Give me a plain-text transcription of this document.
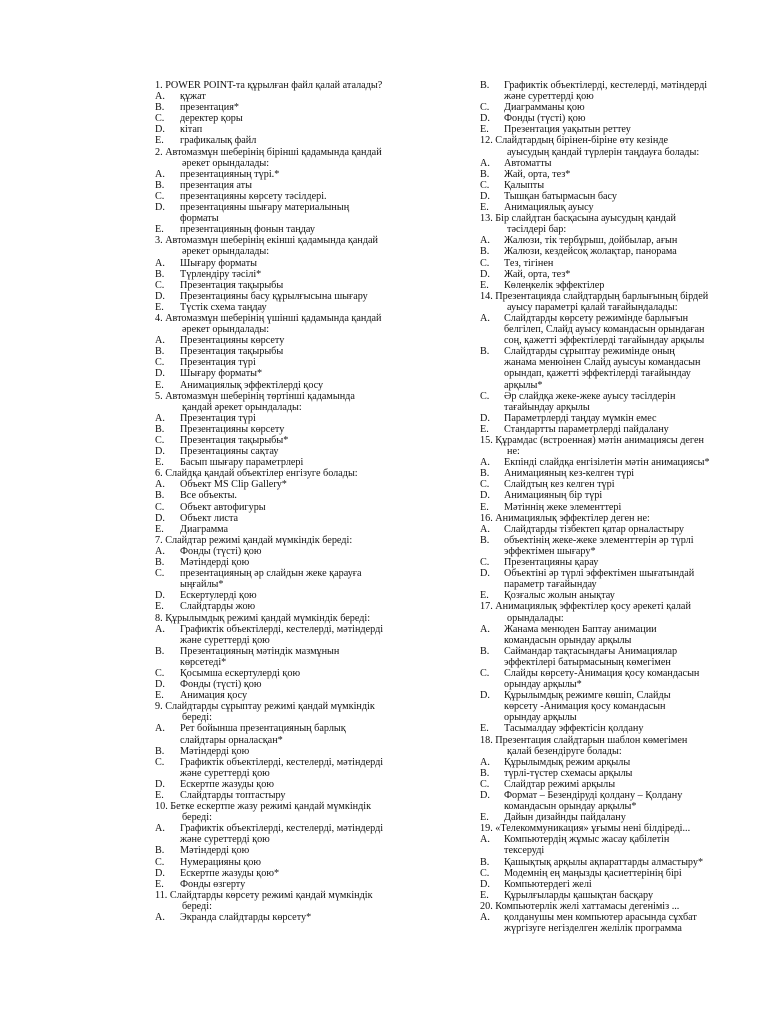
1. POWER POINT-та құрылған файл қалай аталады?
A.	құжат
B.	презентация*
C.	деректер қоры
D.	кітап
E.	графикалық файл
2. Автомазмұн шеберінің бірінші қадамында қандай
әрекет орындалады:
A.	презентацияның түрі.*
B.	презентация аты
C.	презентацияны көрсету тәсілдері.
D.	презентацияны шығару материалының
форматы
E.	презентацияның фонын таңдау
3. Автомазмұн шеберінің екінші қадамында қандай
әрекет орындалады:
A.	Шығару форматы
B.	Түрлендіру тәсілі*
C.	Презентация тақырыбы
D.	Презентацияны басу құрылғысына шығару
E.	Түстік схема таңдау
4. Автомазмұн шеберінің үшінші қадамында қандай
әрекет орындалады:
A.	Презентацияны көрсету
B.	Презентация тақырыбы
C.	Презентация түрі
D.	Шығару форматы*
E.	Анимациялық эффектілерді қосу
5. Автомазмұн шеберінің төртінші қадамында
қандай әрекет орындалады:
A.	Презентация түрі
B.	Презентацияны көрсету
C.	Презентация тақырыбы*
D.	Презентацияны сақтау
E.	Басып шығару параметрлері
6. Слайдқа қандай объектілер енгізуге болады:
A.	Объект MS Clip Gallery*
B.	Все объекты.
C.	Объект автофигуры
D.	Объект листа
E.	Диаграмма
7. Слайдтар режимі қандай мүмкіндік береді:
A.	Фонды (түсті) қою
B.	Мәтіндерді қою
C.	презентацияның әр слайдын жеке қарауға
ыңғайлы*
D.	Ескертулерді қою
E.	Слайдтарды жою
8. Құрылымдық режимі қандай мүмкіндік береді:
A.	Графиктік объектілерді, кестелерді, мәтіндерді
және суреттерді қою
B.	Презентацияның мәтіндік мазмұнын
көрсетеді*
C.	Қосымша ескертулерді қою
D.	Фонды (түсті) қою
E.	Анимация қосу
9. Слайдтарды сұрыптау режимі қандай мүмкіндік
береді:
A.	Рет бойынша презентацияның барлық
слайдтары орналасқан*
B.	Мәтіндерді қою
C.	Графиктік объектілерді, кестелерді, мәтіндерді
және суреттерді қою
D.	Ескертпе жазуды қою
E.	Слайдтарды топтастыру
10. Бетке ескертпе жазу режимі қандай мүмкіндік
береді:
A.	Графиктік объектілерді, кестелерді, мәтіндерді
және суреттерді қою
B.	Мәтіндерді қою
C.	Нумерацияны қою
D.	Ескертпе жазуды қою*
E.	Фонды өзгерту
11. Слайдтарды көрсету режимі қандай мүмкіндік
береді:
A.	Экранда слайдтарды көрсету*
B.	Графиктік объектілерді, кестелерді, мәтіндерді
және суреттерді қою
C.	Диаграмманы қою
D.	Фонды (түсті) қою
E.	Презентация уақытын реттеу
12. Слайдтардың бірінен-біріне өту кезінде
ауысудың қандай түрлерін таңдауға болады:
A.	Автоматты
B.	Жай, орта, тез*
C.	Қалыпты
D.	Тышқан батырмасын басу
E.	Анимациялық ауысу
13. Бір слайдтан басқасына ауысудың қандай
тәсілдері бар:
A.	Жалюзи, тік тербұрыш, дойбылар, ағын
B.	Жалюзи, кездейсоқ жолақтар, панорама
C.	Тез, тігінен
D.	Жай, орта, тез*
E.	Көлеңкелік эффектілер
14. Презентацияда слайдтардың барлығының бірдей
ауысу параметрі қалай тағайындалады:
A.	Слайдтарды көрсету режимінде барлығын
белгілеп, Слайд ауысу командасын орындаған
соң, қажетті эффектілерді тағайындау арқылы
B.	Слайдтарды сұрыптау режимінде оның
жанама менюінен Слайд ауысуы командасын
орындап, қажетті эффектілерді тағайындау
арқылы*
C.	Әр слайдқа жеке-жеке ауысу тәсілдерін
тағайындау арқылы
D.	Параметрлерді таңдау мүмкін емес
E.	Стандартты параметрлерді пайдалану
15. Құрамдас (встроенная) мәтін анимациясы деген
не:
A.	Екпінді слайдқа енгізілетін мәтін анимациясы*
B.	Анимацияның кез-келген түрі
C.	Слайдтың кез келген түрі
D.	Анимацияның бір түрі
E.	Мәтіннің жеке элементтері
16. Анимациялық эффектілер деген не:
A.	Слайдтарды тізбектеп қатар орналастыру
B.	объектінің жеке-жеке элементтерін әр түрлі
эффектімен шығару*
C.	Презентацияны қарау
D.	Объектіні әр түрлі эффектімен шығатындай
параметр тағайындау
E.	Қозғалыс жолын анықтау
17. Анимациялық эффектілер қосу әрекеті қалай
орындалады:
A.	Жанама менюден Баптау анимации
командасын орындау арқылы
B.	Саймандар тақтасындағы Анимациялар
эффектілері батырмасының көмегімен
C.	Слайды көрсету-Анимация қосу командасын
орындау арқылы*
D.	Құрылымдық режимге көшіп, Слайды
көрсету -Анимация қосу командасын
орындау арқылы
E.	Тасымалдау эффектісін қолдану
18. Презентация слайдтарын шаблон көмегімен
қалай безендіруге болады:
A.	Құрылымдық режим арқылы
B.	түрлі-түстер схемасы арқылы
C.	Слайдтар режимі арқылы
D.	Формат – Безендіруді қолдану – Қолдану
командасын орындау арқылы*
E.	Дайын дизайнды пайдалану
19. «Телекоммуникация» ұғымы нені білдіреді...
A.	Компьютердің жұмыс жасау қабілетін
тексеруді
B.	Қашықтық арқылы ақпараттарды алмастыру*
C.	Модемнің ең маңызды қасиеттерінің бірі
D.	Компьютердегі желі
E.	Құрылғыларды қашықтан басқару
20. Компьютерлік желі хаттамасы дегеніміз ...
A.	қолданушы мен компьютер арасында сұхбат
жүргізуге негізделген желілік программа
